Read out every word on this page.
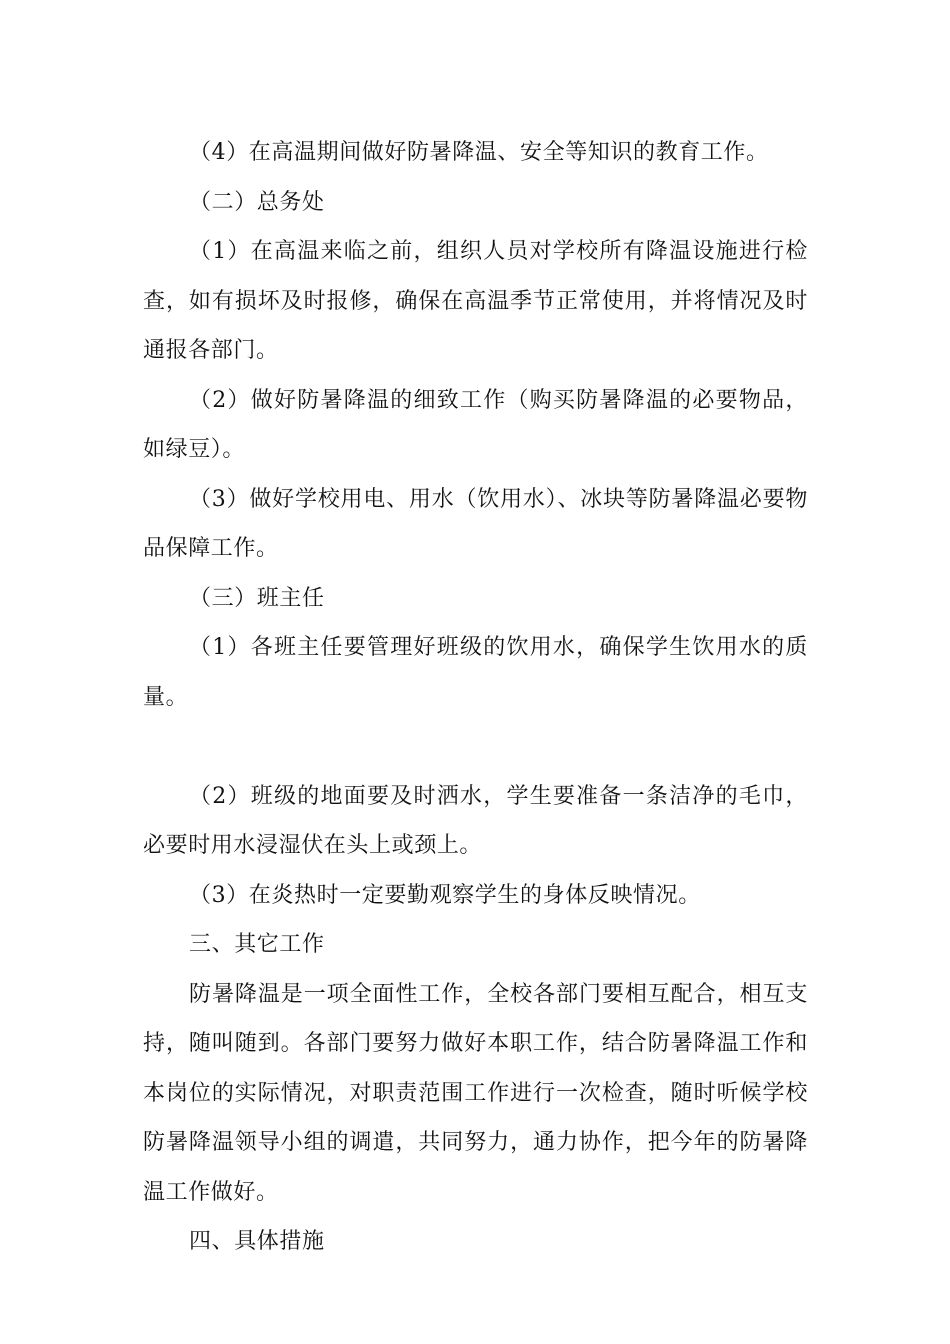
（4）在高温期间做好防暑降温、安全等知识的教育工作。

（二）总务处

（1）在高温来临之前，组织人员对学校所有降温设施进行检查，如有损坏及时报修，确保在高温季节正常使用，并将情况及时通报各部门。

（2）做好防暑降温的细致工作（购买防暑降温的必要物品，如绿豆）。

（3）做好学校用电、用水（饮用水）、冰块等防暑降温必要物品保障工作。

（三）班主任

（1）各班主任要管理好班级的饮用水，确保学生饮用水的质量。

（2）班级的地面要及时洒水，学生要准备一条洁净的毛巾，必要时用水浸湿伏在头上或颈上。

（3）在炎热时一定要勤观察学生的身体反映情况。

三、其它工作

防暑降温是一项全面性工作，全校各部门要相互配合，相互支持，随叫随到。各部门要努力做好本职工作，结合防暑降温工作和本岗位的实际情况，对职责范围工作进行一次检查，随时听候学校防暑降温领导小组的调遣，共同努力，通力协作，把今年的防暑降温工作做好。

四、具体措施
